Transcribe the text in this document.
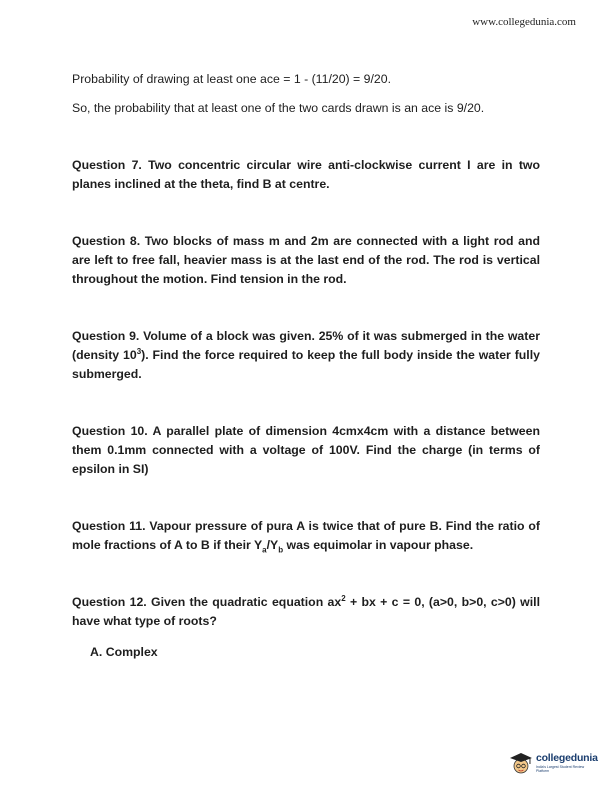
www.collegedunia.com

Probability of drawing at least one ace = 1 - (11/20) = 9/20.

So, the probability that at least one of the two cards drawn is an ace is 9/20.

Question 7. Two concentric circular wire anti-clockwise current I are in two planes inclined at the theta, find B at centre.

Question 8. Two blocks of mass m and 2m are connected with a light rod and are left to free fall, heavier mass is at the last end of the rod. The rod is vertical throughout the motion. Find tension in the rod.

Question 9. Volume of a block was given. 25% of it was submerged in the water (density $10^3$). Find the force required to keep the full body inside the water fully submerged.

Question 10. A parallel plate of dimension 4cmx4cm with a distance between them 0.1mm connected with a voltage of 100V. Find the charge (in terms of epsilon in SI)

Question 11. Vapour pressure of pura A is twice that of pure B. Find the ratio of mole fractions of A to B if their $Y_a/Y_b$ was equimolar in vapour phase.

Question 12. Given the quadratic equation $ax^2$ + bx + c = 0, (a>0, b>0, c>0) will have what type of roots?

A. Complex
collegedunia
India's Largest Student Review Platform
